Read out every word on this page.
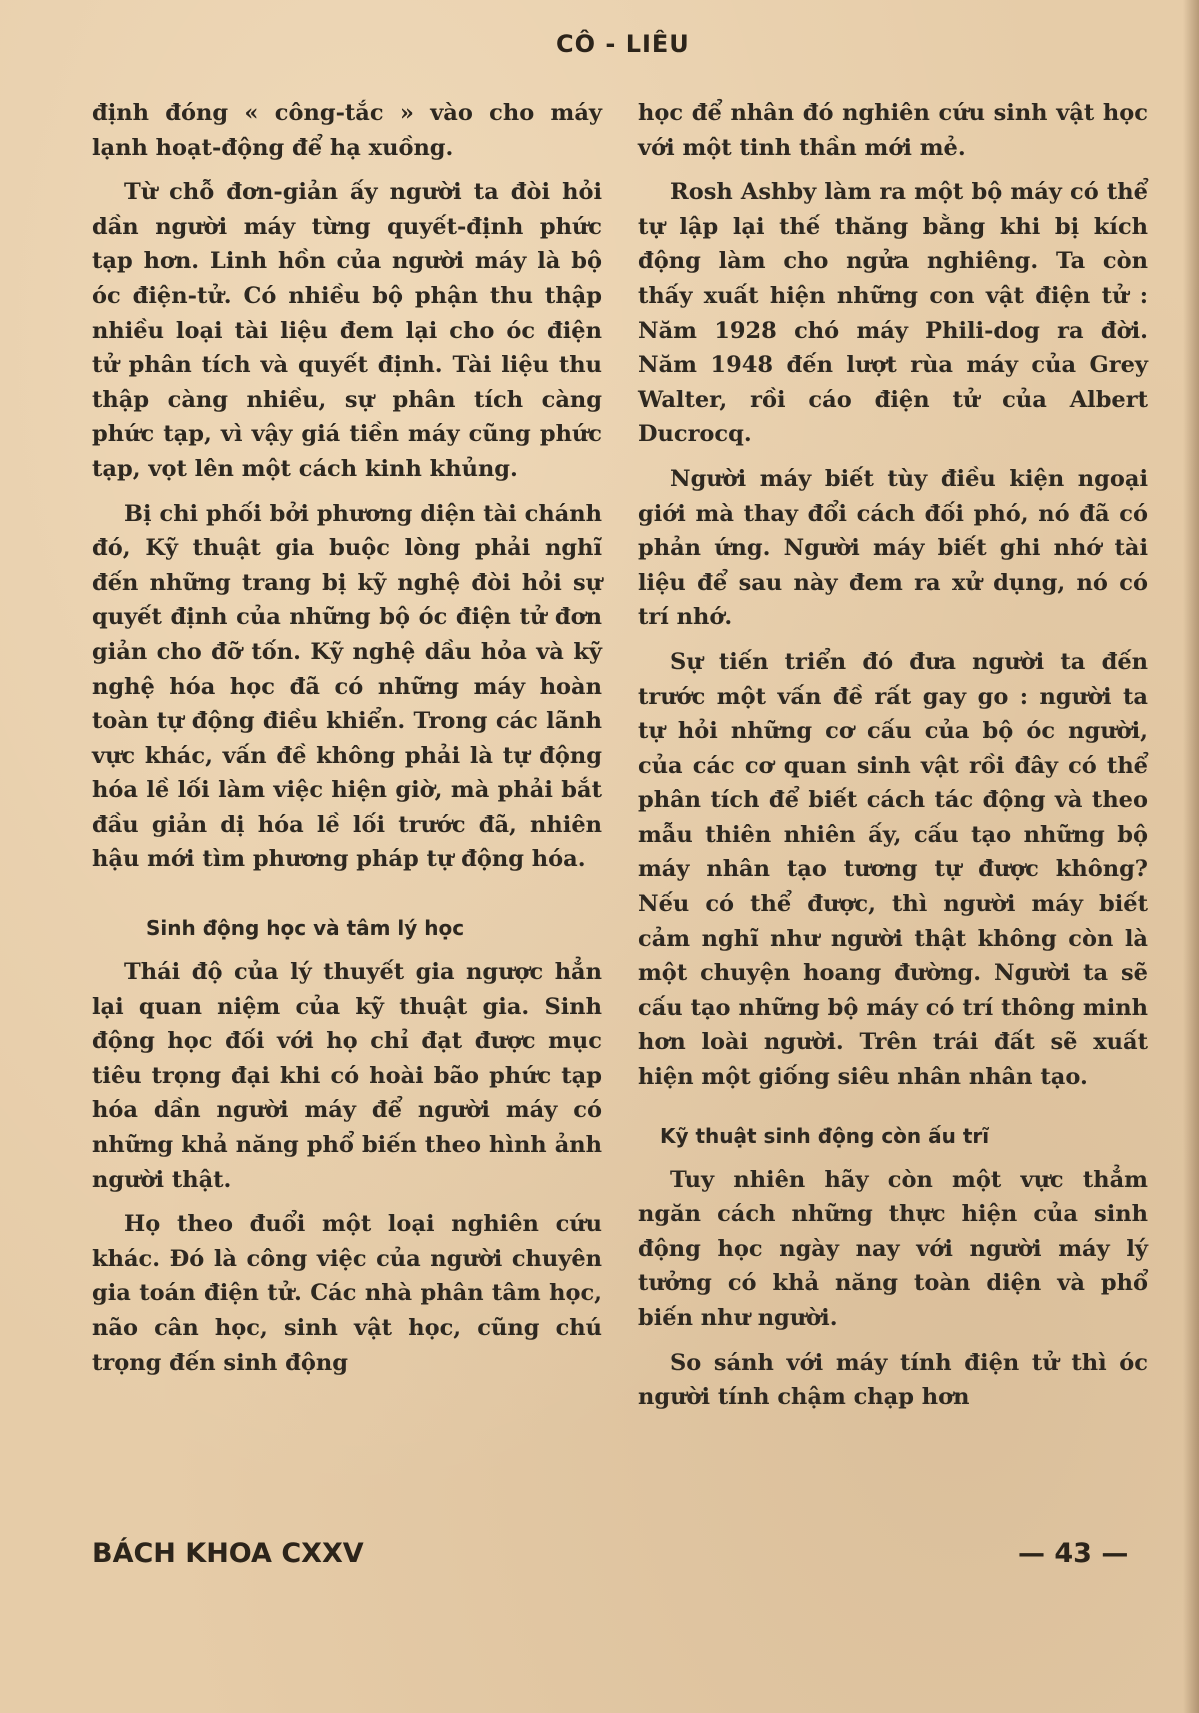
CÔ - LIÊU

định đóng « công-tắc » vào cho máy lạnh hoạt-động để hạ xuồng.

Từ chỗ đơn-giản ấy người ta đòi hỏi dần người máy từng quyết-định phức tạp hơn. Linh hồn của người máy là bộ óc điện-tử. Có nhiều bộ phận thu thập nhiều loại tài liệu đem lại cho óc điện tử phân tích và quyết định. Tài liệu thu thập càng nhiều, sự phân tích càng phức tạp, vì vậy giá tiền máy cũng phức tạp, vọt lên một cách kinh khủng.

Bị chi phối bởi phương diện tài chánh đó, Kỹ thuật gia buộc lòng phải nghĩ đến những trang bị kỹ nghệ đòi hỏi sự quyết định của những bộ óc điện tử đơn giản cho đỡ tốn. Kỹ nghệ dầu hỏa và kỹ nghệ hóa học đã có những máy hoàn toàn tự động điều khiển. Trong các lãnh vực khác, vấn đề không phải là tự động hóa lề lối làm việc hiện giờ, mà phải bắt đầu giản dị hóa lề lối trước đã, nhiên hậu mới tìm phương pháp tự động hóa.

Sinh động học và tâm lý học

Thái độ của lý thuyết gia ngược hẳn lại quan niệm của kỹ thuật gia. Sinh động học đối với họ chỉ đạt được mục tiêu trọng đại khi có hoài bão phức tạp hóa dần người máy để người máy có những khả năng phổ biến theo hình ảnh người thật.

Họ theo đuổi một loại nghiên cứu khác. Đó là công việc của người chuyên gia toán điện tử. Các nhà phân tâm học, não cân học, sinh vật học, cũng chú trọng đến sinh động

học để nhân đó nghiên cứu sinh vật học với một tinh thần mới mẻ.

Rosh Ashby làm ra một bộ máy có thể tự lập lại thế thăng bằng khi bị kích động làm cho ngửa nghiêng. Ta còn thấy xuất hiện những con vật điện tử : Năm 1928 chó máy Phili-dog ra đời. Năm 1948 đến lượt rùa máy của Grey Walter, rồi cáo điện tử của Albert Ducrocq.

Người máy biết tùy điều kiện ngoại giới mà thay đổi cách đối phó, nó đã có phản ứng. Người máy biết ghi nhớ tài liệu để sau này đem ra xử dụng, nó có trí nhớ.

Sự tiến triển đó đưa người ta đến trước một vấn đề rất gay go : người ta tự hỏi những cơ cấu của bộ óc người, của các cơ quan sinh vật rồi đây có thể phân tích để biết cách tác động và theo mẫu thiên nhiên ấy, cấu tạo những bộ máy nhân tạo tương tự được không? Nếu có thể được, thì người máy biết cảm nghĩ như người thật không còn là một chuyện hoang đường. Người ta sẽ cấu tạo những bộ máy có trí thông minh hơn loài người. Trên trái đất sẽ xuất hiện một giống siêu nhân nhân tạo.

Kỹ thuật sinh động còn ấu trĩ

Tuy nhiên hãy còn một vực thẳm ngăn cách những thực hiện của sinh động học ngày nay với người máy lý tưởng có khả năng toàn diện và phổ biến như người.

So sánh với máy tính điện tử thì óc người tính chậm chạp hơn

BÁCH KHOA CXXV	— 43 —
